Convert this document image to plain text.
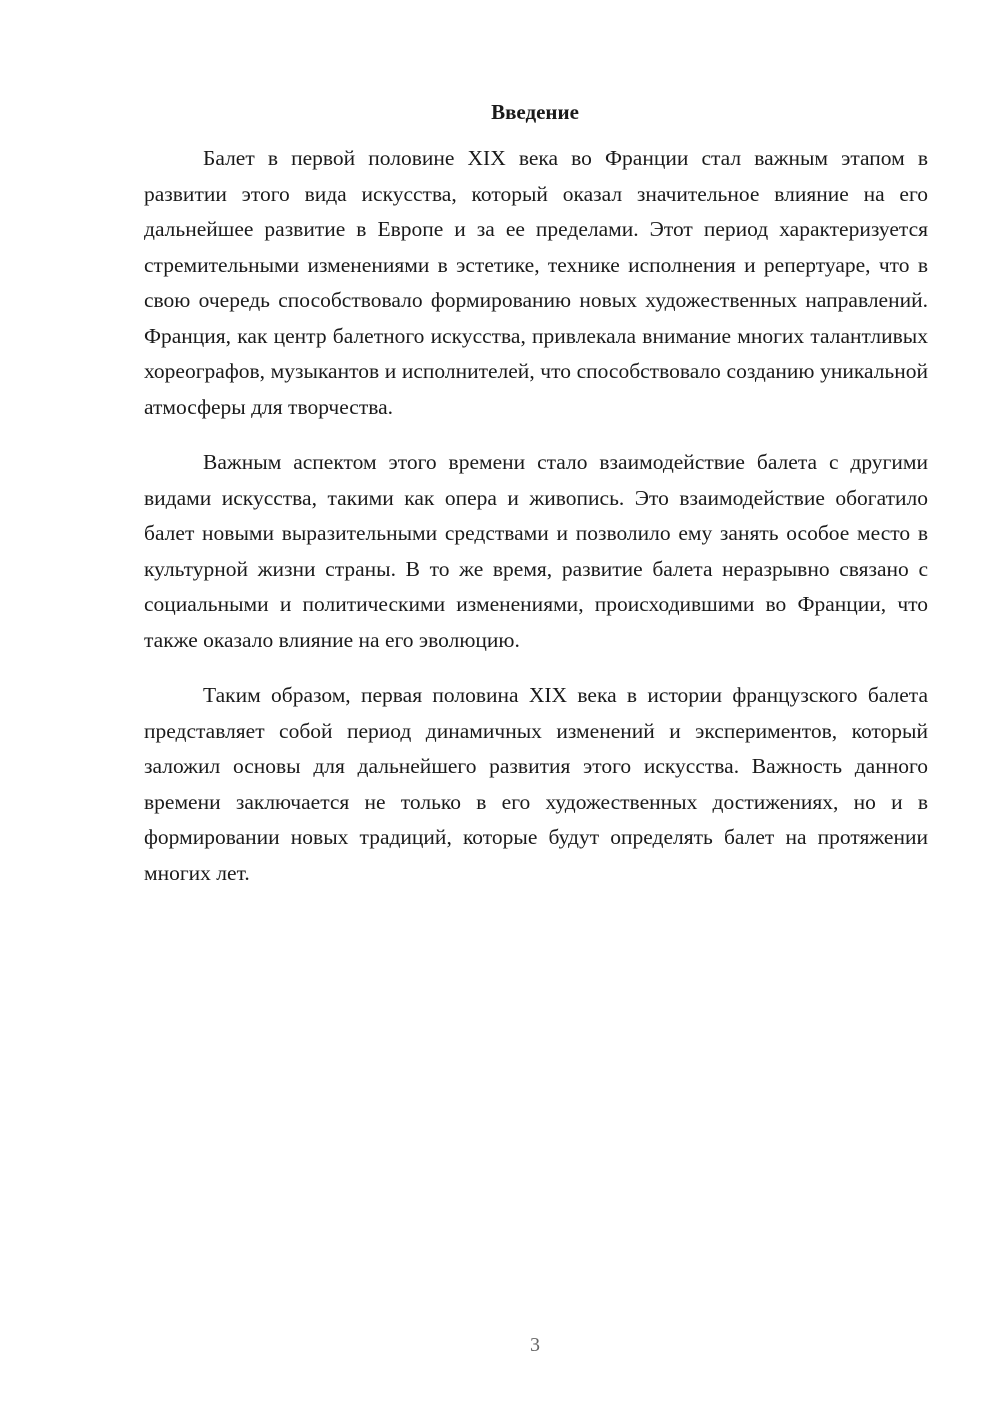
Введение

Балет в первой половине XIX века во Франции стал важным этапом в развитии этого вида искусства, который оказал значительное влияние на его дальнейшее развитие в Европе и за ее пределами. Этот период характеризуется стремительными изменениями в эстетике, технике исполнения и репертуаре, что в свою очередь способствовало формированию новых художественных направлений. Франция, как центр балетного искусства, привлекала внимание многих талантливых хореографов, музыкантов и исполнителей, что способствовало созданию уникальной атмосферы для творчества.

Важным аспектом этого времени стало взаимодействие балета с другими видами искусства, такими как опера и живопись. Это взаимодействие обогатило балет новыми выразительными средствами и позволило ему занять особое место в культурной жизни страны. В то же время, развитие балета неразрывно связано с социальными и политическими изменениями, происходившими во Франции, что также оказало влияние на его эволюцию.

Таким образом, первая половина XIX века в истории французского балета представляет собой период динамичных изменений и экспериментов, который заложил основы для дальнейшего развития этого искусства. Важность данного времени заключается не только в его художественных достижениях, но и в формировании новых традиций, которые будут определять балет на протяжении многих лет.

3
